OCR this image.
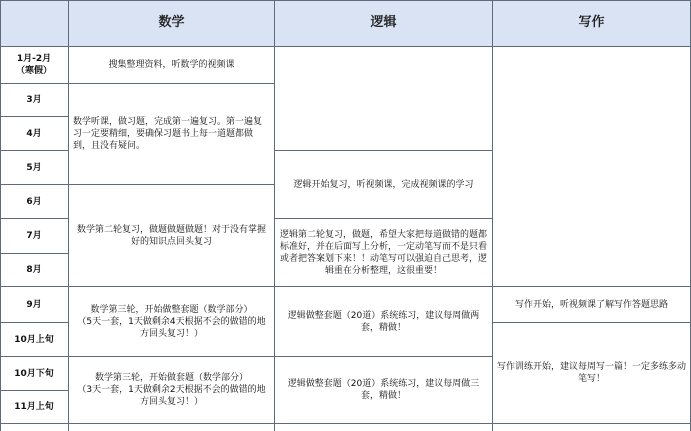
数学	逻辑	写作
1月-2月
（寒假）
3月
4月
5月
6月
7月
8月
9月
10月上旬
10月下旬
11月上旬
搜集整理资料，听数学的视频课
数学听课，做习题，完成第一遍复习。第一遍复习一定要精细，要确保习题书上每一道题都做到，且没有疑问。
数学第二轮复习，做题做题做题！对于没有掌握好的知识点回头复习
数学第三轮，开始做整套题（数学部分）
（5天一套，1天做剩余4天根据不会的做错的地方回头复习！）
数学第三轮，开始做套题（数学部分）
（3天一套，1天做剩余2天根据不会的做错的地方回头复习！）
逻辑开始复习，听视频课，完成视频课的学习
逻辑第二轮复习，做题，希望大家把每道做错的题都标准好，并在后面写上分析，一定动笔写而不是只看或者把答案划下来！！动笔写可以强迫自己思考，逻辑重在分析整理，这很重要！
逻辑做整套题（20道）系统练习，建议每周做两套，精做！
逻辑做整套题（20道）系统练习，建议每周做三套，精做！
写作开始，听视频课了解写作答题思路
写作训练开始，建议每周写一篇！一定多练多动笔写！
